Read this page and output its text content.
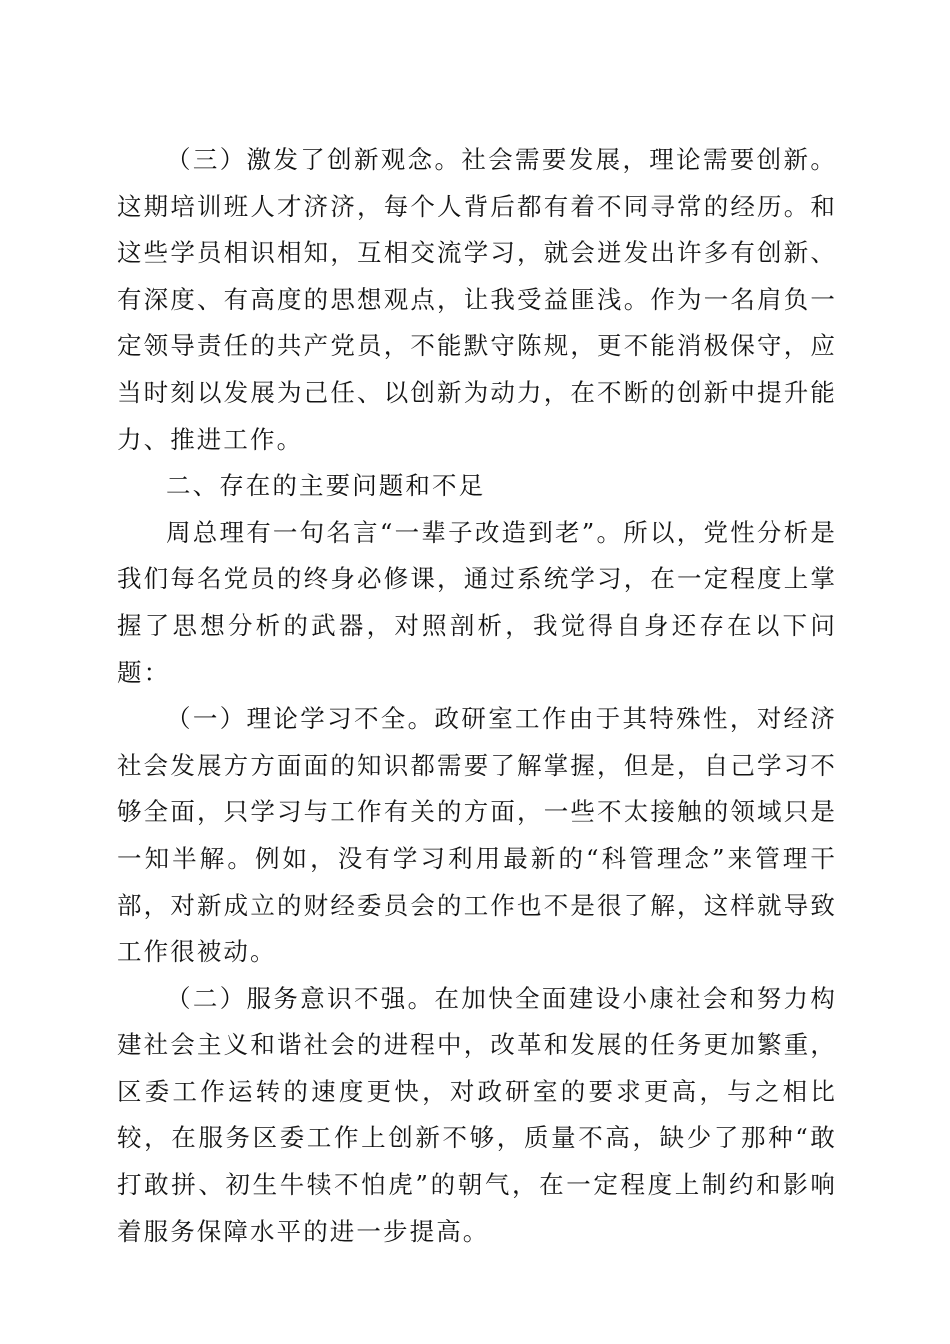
（三）激发了创新观念。社会需要发展，理论需要创新。这期培训班人才济济，每个人背后都有着不同寻常的经历。和这些学员相识相知，互相交流学习，就会迸发出许多有创新、有深度、有高度的思想观点，让我受益匪浅。作为一名肩负一定领导责任的共产党员，不能默守陈规，更不能消极保守，应当时刻以发展为己任、以创新为动力，在不断的创新中提升能力、推进工作。

二、存在的主要问题和不足

周总理有一句名言“一辈子改造到老”。所以，党性分析是我们每名党员的终身必修课，通过系统学习，在一定程度上掌握了思想分析的武器，对照剖析，我觉得自身还存在以下问题：

（一）理论学习不全。政研室工作由于其特殊性，对经济社会发展方方面面的知识都需要了解掌握，但是，自己学习不够全面，只学习与工作有关的方面，一些不太接触的领域只是一知半解。例如，没有学习利用最新的“科管理念”来管理干部，对新成立的财经委员会的工作也不是很了解，这样就导致工作很被动。

（二）服务意识不强。在加快全面建设小康社会和努力构建社会主义和谐社会的进程中，改革和发展的任务更加繁重，区委工作运转的速度更快，对政研室的要求更高，与之相比较，在服务区委工作上创新不够，质量不高，缺少了那种“敢打敢拼、初生牛犊不怕虎”的朝气，在一定程度上制约和影响着服务保障水平的进一步提高。
